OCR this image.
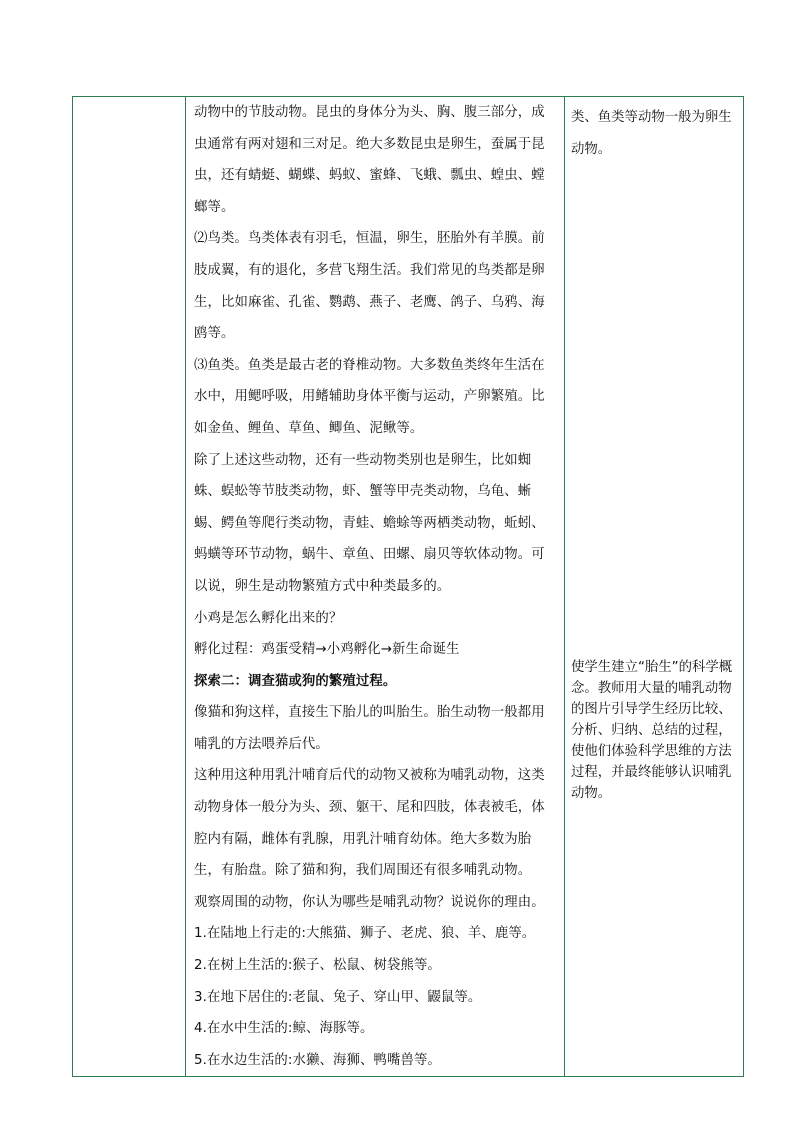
动物中的节肢动物。昆虫的身体分为头、胸、腹三部分，成虫通常有两对翅和三对足。绝大多数昆虫是卵生，蚕属于昆虫，还有蜻蜓、蝴蝶、蚂蚁、蜜蜂、飞蛾、瓢虫、蝗虫、螳螂等。

⑵鸟类。鸟类体表有羽毛，恒温，卵生，胚胎外有羊膜。前肢成翼，有的退化，多营飞翔生活。我们常见的鸟类都是卵生，比如麻雀、孔雀、鹦鹉、燕子、老鹰、鸽子、乌鸦、海鸥等。

⑶鱼类。鱼类是最古老的脊椎动物。大多数鱼类终年生活在水中，用鳃呼吸，用鳍辅助身体平衡与运动，产卵繁殖。比如金鱼、鲤鱼、草鱼、鲫鱼、泥鳅等。

除了上述这些动物，还有一些动物类别也是卵生，比如蜘蛛、蜈蚣等节肢类动物，虾、蟹等甲壳类动物，乌龟、蜥蜴、鳄鱼等爬行类动物，青蛙、蟾蜍等两栖类动物，蚯蚓、蚂蟥等环节动物，蜗牛、章鱼、田螺、扇贝等软体动物。可以说，卵生是动物繁殖方式中种类最多的。

小鸡是怎么孵化出来的？

孵化过程：鸡蛋受精→小鸡孵化→新生命诞生

探索二：调查猫或狗的繁殖过程。

像猫和狗这样，直接生下胎儿的叫胎生。胎生动物一般都用哺乳的方法喂养后代。

这种用这种用乳汁哺育后代的动物又被称为哺乳动物，这类动物身体一般分为头、颈、躯干、尾和四肢，体表被毛，体腔内有隔，雌体有乳腺，用乳汁哺育幼体。绝大多数为胎生，有胎盘。除了猫和狗，我们周围还有很多哺乳动物。

观察周围的动物，你认为哪些是哺乳动物？说说你的理由。

1.在陆地上行走的:大熊猫、狮子、老虎、狼、羊、鹿等。

2.在树上生活的:猴子、松鼠、树袋熊等。

3.在地下居住的:老鼠、兔子、穿山甲、鼹鼠等。

4.在水中生活的:鲸、海豚等。

5.在水边生活的:水獭、海狮、鸭嘴兽等。

类、鱼类等动物一般为卵生动物。

使学生建立“胎生”的科学概念。教师用大量的哺乳动物的图片引导学生经历比较、分析、归纳、总结的过程，使他们体验科学思维的方法过程，并最终能够认识哺乳动物。
